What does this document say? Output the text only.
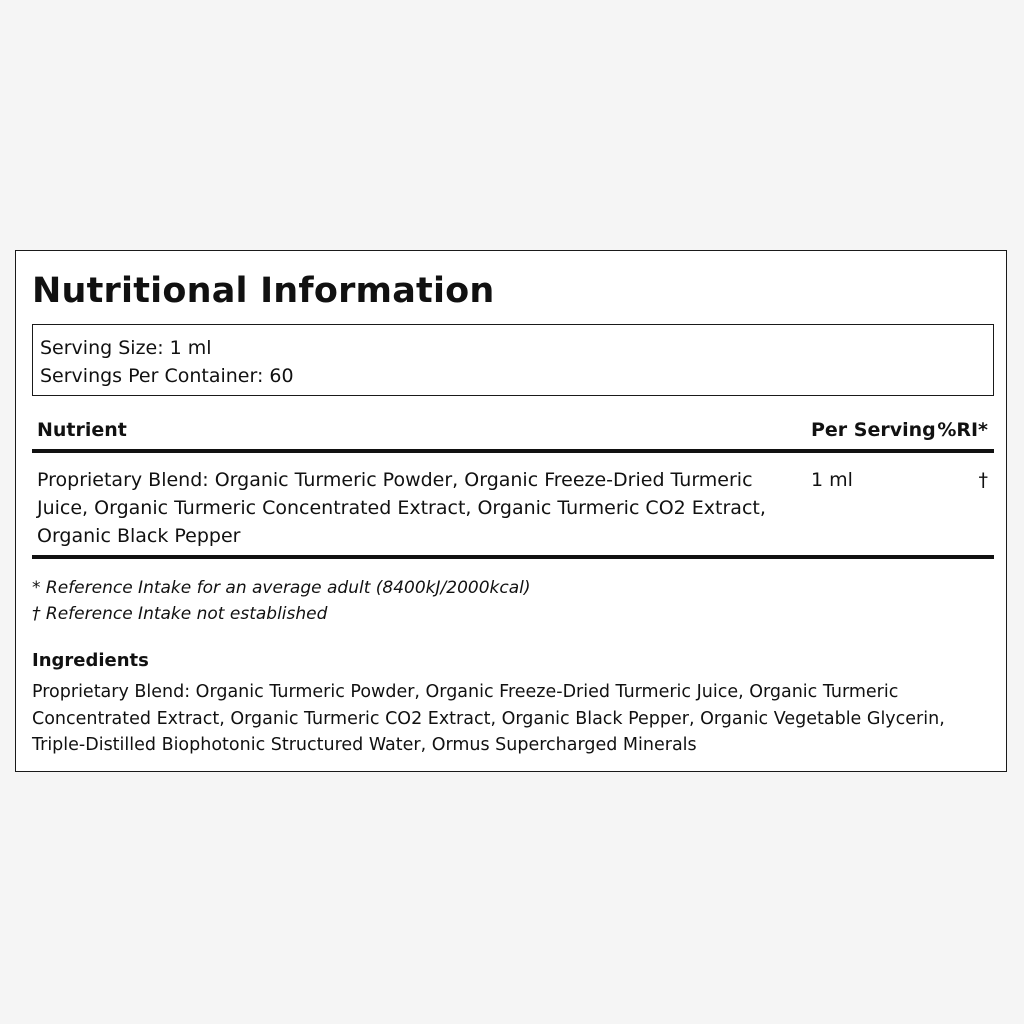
Nutritional Information
Serving Size: 1 ml
Servings Per Container: 60
Nutrient	Per Serving %RI*
Proprietary Blend: Organic Turmeric Powder, Organic Freeze-Dried Turmeric Juice, Organic Turmeric Concentrated Extract, Organic Turmeric CO2 Extract, Organic Black Pepper
1 ml	†
* Reference Intake for an average adult (8400kJ/2000kcal)
† Reference Intake not established
Ingredients

Proprietary Blend: Organic Turmeric Powder, Organic Freeze-Dried Turmeric Juice, Organic Turmeric Concentrated Extract, Organic Turmeric CO2 Extract, Organic Black Pepper, Organic Vegetable Glycerin, Triple-Distilled Biophotonic Structured Water, Ormus Supercharged Minerals
